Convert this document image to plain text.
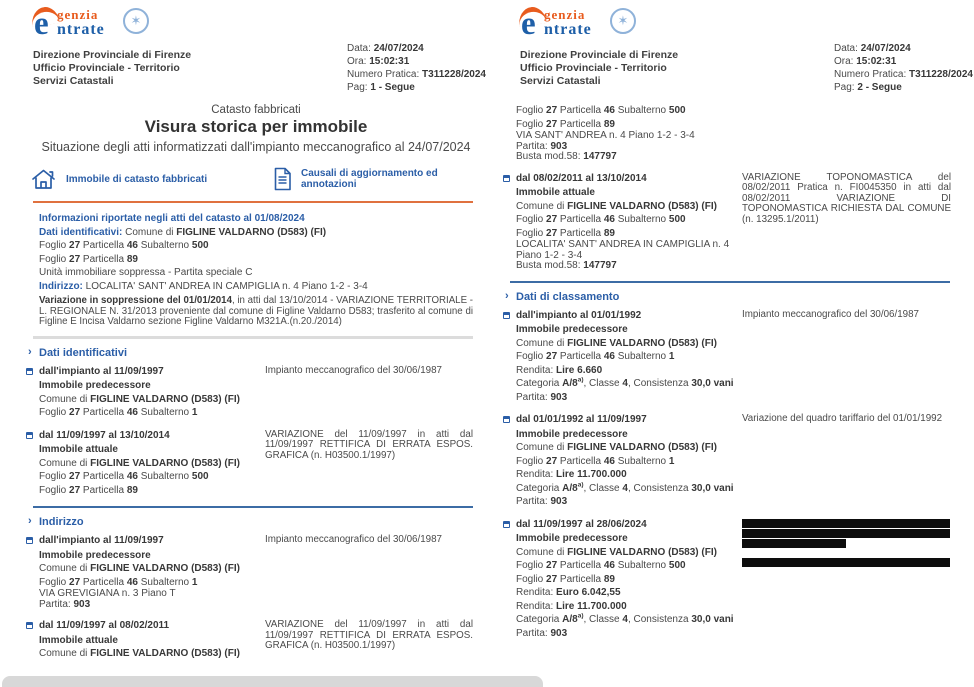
e genzia
ntrate
✶
Direzione Provinciale di Firenze
Ufficio Provinciale - Territorio
Servizi Catastali
Data: 24/07/2024
Ora: 15:02:31
Numero Pratica: T311228/2024
Pag: 1 - Segue
Catasto fabbricati
Visura storica per immobile
Situazione degli atti informatizzati dall'impianto meccanografico al 24/07/2024
Immobile di catasto fabbricati
Causali di aggiornamento ed annotazioni
Informazioni riportate negli atti del catasto al 01/08/2024
Dati identificativi: Comune di FIGLINE VALDARNO (D583) (FI)
Foglio 27 Particella 46 Subalterno 500
Foglio 27 Particella 89
Unità immobiliare soppressa - Partita speciale C
Indirizzo: LOCALITA' SANT' ANDREA IN CAMPIGLIA n. 4 Piano 1-2 - 3-4
Variazione in soppressione del 01/01/2014, in atti dal 13/10/2014 - VARIAZIONE TERRITORIALE - L. REGIONALE N. 31/2013 proveniente dal comune di Figline Valdarno D583; trasferito al comune di Figline E Incisa Valdarno sezione Figline Valdarno M321A.(n.20./2014)
›
Dati identificativi
dall'impianto al 11/09/1997
Immobile predecessore
Comune di FIGLINE VALDARNO (D583) (FI)
Foglio 27 Particella 46 Subalterno 1
Impianto meccanografico del 30/06/1987
dal 11/09/1997 al 13/10/2014
Immobile attuale
Comune di FIGLINE VALDARNO (D583) (FI)
Foglio 27 Particella 46 Subalterno 500
Foglio 27 Particella 89
VARIAZIONE del 11/09/1997 in atti dal 11/09/1997 RETTIFICA DI ERRATA ESPOS. GRAFICA (n. H03500.1/1997)
›
Indirizzo
dall'impianto al 11/09/1997
Immobile predecessore
Comune di FIGLINE VALDARNO (D583) (FI)
Foglio 27 Particella 46 Subalterno 1
VIA GREVIGIANA n. 3 Piano T
Partita: 903
Impianto meccanografico del 30/06/1987
dal 11/09/1997 al 08/02/2011
Immobile attuale
Comune di FIGLINE VALDARNO (D583) (FI)
VARIAZIONE del 11/09/1997 in atti dal 11/09/1997 RETTIFICA DI ERRATA ESPOS. GRAFICA (n. H03500.1/1997)
e genzia
ntrate
✶
Direzione Provinciale di Firenze
Ufficio Provinciale - Territorio
Servizi Catastali
Data: 24/07/2024
Ora: 15:02:31
Numero Pratica: T311228/2024
Pag: 2 - Segue
Foglio 27 Particella 46 Subalterno 500
Foglio 27 Particella 89
VIA SANT' ANDREA n. 4 Piano 1-2 - 3-4
Partita: 903
Busta mod.58: 147797
dal 08/02/2011 al 13/10/2014
Immobile attuale
Comune di FIGLINE VALDARNO (D583) (FI)
Foglio 27 Particella 46 Subalterno 500
Foglio 27 Particella 89
LOCALITA' SANT' ANDREA IN CAMPIGLIA n. 4
Piano 1-2 - 3-4
Busta mod.58: 147797
VARIAZIONE TOPONOMASTICA del 08/02/2011 Pratica n. FI0045350 in atti dal 08/02/2011 VARIAZIONE DI TOPONOMASTICA RICHIESTA DAL COMUNE (n. 13295.1/2011)
›
Dati di classamento
dall'impianto al 01/01/1992
Immobile predecessore
Comune di FIGLINE VALDARNO (D583) (FI)
Foglio 27 Particella 46 Subalterno 1
Rendita: Lire 6.660
Categoria A/8$^{a)}$, Classe 4, Consistenza 30,0 vani
Partita: 903
Impianto meccanografico del 30/06/1987
dal 01/01/1992 al 11/09/1997
Immobile predecessore
Comune di FIGLINE VALDARNO (D583) (FI)
Foglio 27 Particella 46 Subalterno 1
Rendita: Lire 11.700.000
Categoria A/8$^{a)}$, Classe 4, Consistenza 30,0 vani
Partita: 903
Variazione del quadro tariffario del 01/01/1992
dal 11/09/1997 al 28/06/2024
Immobile predecessore
Comune di FIGLINE VALDARNO (D583) (FI)
Foglio 27 Particella 46 Subalterno 500
Foglio 27 Particella 89
Rendita: Euro 6.042,55
Rendita: Lire 11.700.000
Categoria A/8$^{a)}$, Classe 4, Consistenza 30,0 vani
Partita: 903
